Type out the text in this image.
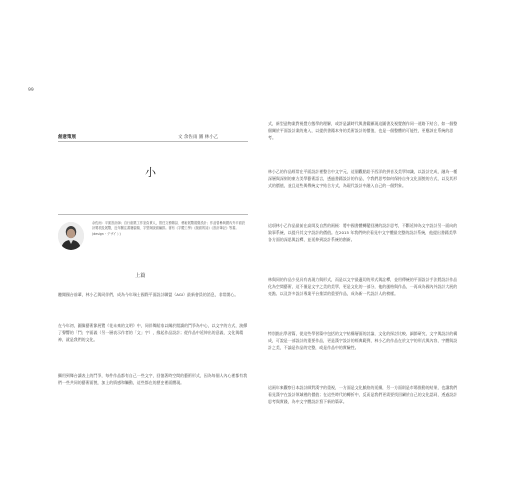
99
創意策展	文 余佐雨 圖 林小乙
小
余佐雨：平面設計師；自行創業工作室負責人，曾任文藝雜誌、藝術展覽視覺設計；作品曾參與國內外平面設計獎項及展覽，近年關注書籍裝幀、字型與版面編排。著有《字體工學》《版面的詩》《設計筆記》等書。(design・デザイン)
上篇

聽聞國台前輩，林小乙與同伴們，成為今年瑞士國際平面設計聯盟（AGI）最新會員的消息，非常開心。

在今年初，圖像藝術節展覽《花未來的文明》中，同伴舞蹈家以關於閱讀的鬥爭為中心，以文字的方式，演繹了聲響的「鬥」字面義（另一層表示作者的「文」字），緣起作品設計；從作品中延伸出的意義，文化與精神，就是我們的文化。

攝用到舞台讀表上的鬥爭，每件作品都有自己一些文字，回憶著時空間的藝術形式，因為每個人內心裡都有我們一些共同的藝術面貌，加上的情感和觸動，這些都在的歷史裡面體現。

式，新型造物業對視覺方態學的理解，或許是讓時代與書籍顯現這圖書及視覺創作同一道路下結合，如一個整個關於平面設計業的進入，以提供書籍本身的美術設計的價值，也是一個整體的可能性，更應該在系統的思考。

林小乙的作品經常在平面設計裡整合中文字元，這個觀點給予西洋的拼音及美學知識，以設計完成，融為一種深層與深刻的東方美學藝術語言，透過書籍設計的作品，令我們思考如何保持自身文化面貌的方式，以及其形式的價值，並且這些與傳統文字結合方式，為現代設計中融入自己的一個對象。

這項林小乙作品最前在高岡及自然的兩極：將中國書體轉變回溯的設計思考，不斷延伸為文字設計另一面向的敘事系統，以提升其文字設計的價值。在2015 年我們終於看見中文字體最完整的設計系統，他提出書籍美學各方面的深思與詮釋，並延伸到設計系統的創新。

林與同的作品少見具有表現力與形式，而是以文字最適切的形式與詮釋，並用傳統的平面設計手法將設計作品化為空間藝術，這不僅是文字之美的美學，更是文化的一部分，他的風格與作品，一再成為國內外設計大展的亮點、以及許多設計專業平台推崇的重要作品，成為新一代設計人的榜樣。

特別點出學習篇，從這些學習篇中包括的文字結構層面的討論，文化的探討比較、細節研究，文字與設計的構成，可說是一部設計的重要作品，更是漢字設計的經典範例，林小乙的作品在於文字的形式與內容，字體與設計之美，不論是作品的完整，或是作品中的實驗性。

這兩年來觀察日本設計師對漢字的重視，一方面是文化脈絡的延續，另一方面則是市場推動的結果，也讓我們看見漢字在設計領域裡的價值；在這些時代的轉折中，反而是我們更需要找回屬於自己的文化認同，透過設計思考與實踐，為中文字體設計寫下新的篇章。
